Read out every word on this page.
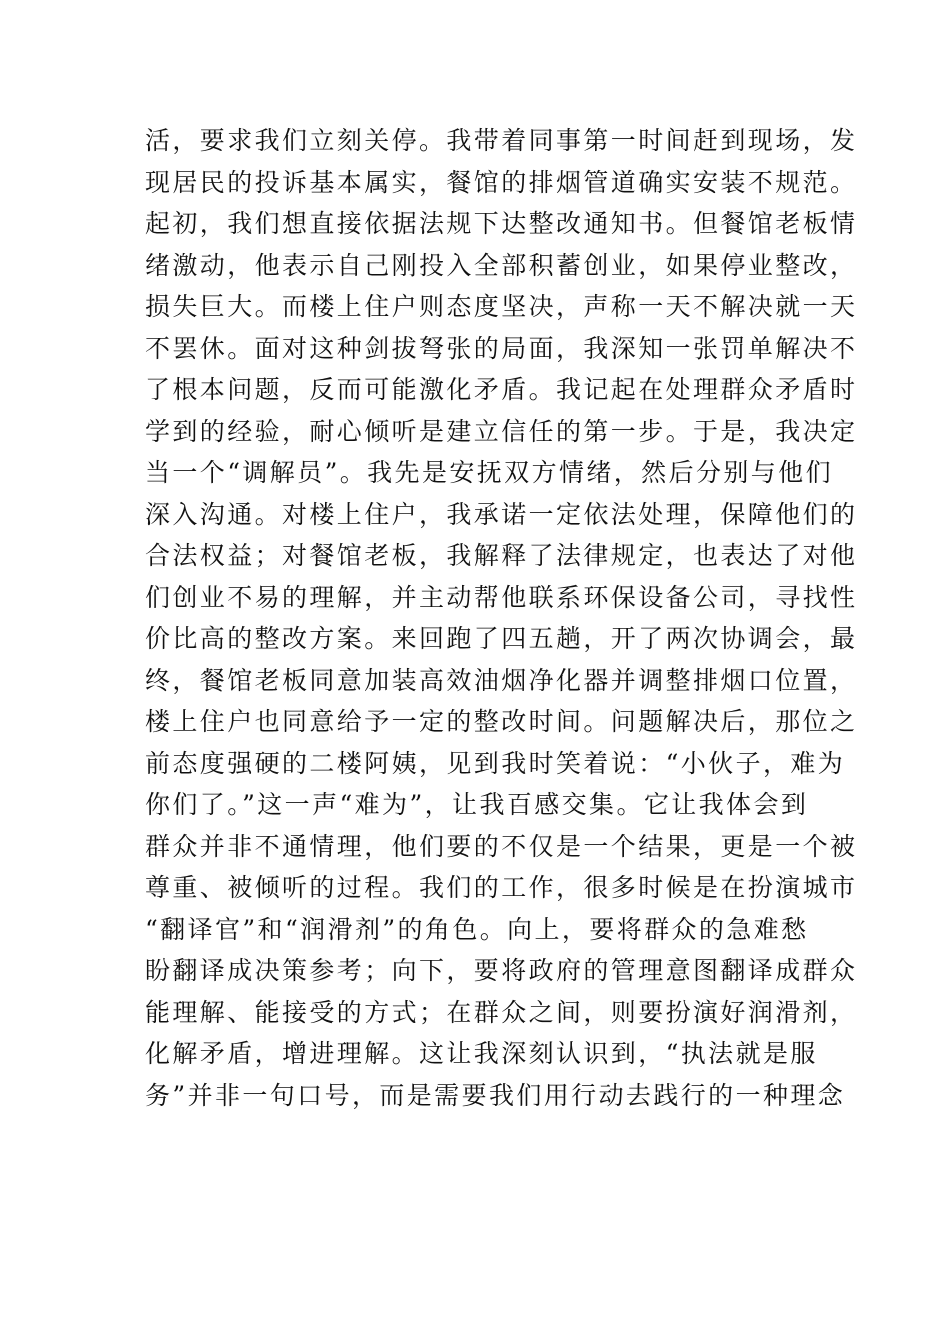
活，要求我们立刻关停。我带着同事第一时间赶到现场，发
现居民的投诉基本属实，餐馆的排烟管道确实安装不规范。
起初，我们想直接依据法规下达整改通知书。但餐馆老板情
绪激动，他表示自己刚投入全部积蓄创业，如果停业整改，
损失巨大。而楼上住户则态度坚决，声称一天不解决就一天
不罢休。面对这种剑拔弩张的局面，我深知一张罚单解决不
了根本问题，反而可能激化矛盾。我记起在处理群众矛盾时
学到的经验，耐心倾听是建立信任的第一步。于是，我决定
当一个“调解员”。我先是安抚双方情绪，然后分别与他们
深入沟通。对楼上住户，我承诺一定依法处理，保障他们的
合法权益；对餐馆老板，我解释了法律规定，也表达了对他
们创业不易的理解，并主动帮他联系环保设备公司，寻找性
价比高的整改方案。来回跑了四五趟，开了两次协调会，最
终，餐馆老板同意加装高效油烟净化器并调整排烟口位置，
楼上住户也同意给予一定的整改时间。问题解决后，那位之
前态度强硬的二楼阿姨，见到我时笑着说：“小伙子，难为
你们了。”这一声“难为”，让我百感交集。它让我体会到
群众并非不通情理，他们要的不仅是一个结果，更是一个被
尊重、被倾听的过程。我们的工作，很多时候是在扮演城市
“翻译官”和“润滑剂”的角色。向上，要将群众的急难愁
盼翻译成决策参考；向下，要将政府的管理意图翻译成群众
能理解、能接受的方式；在群众之间，则要扮演好润滑剂，
化解矛盾，增进理解。这让我深刻认识到，“执法就是服
务”并非一句口号，而是需要我们用行动去践行的一种理念
